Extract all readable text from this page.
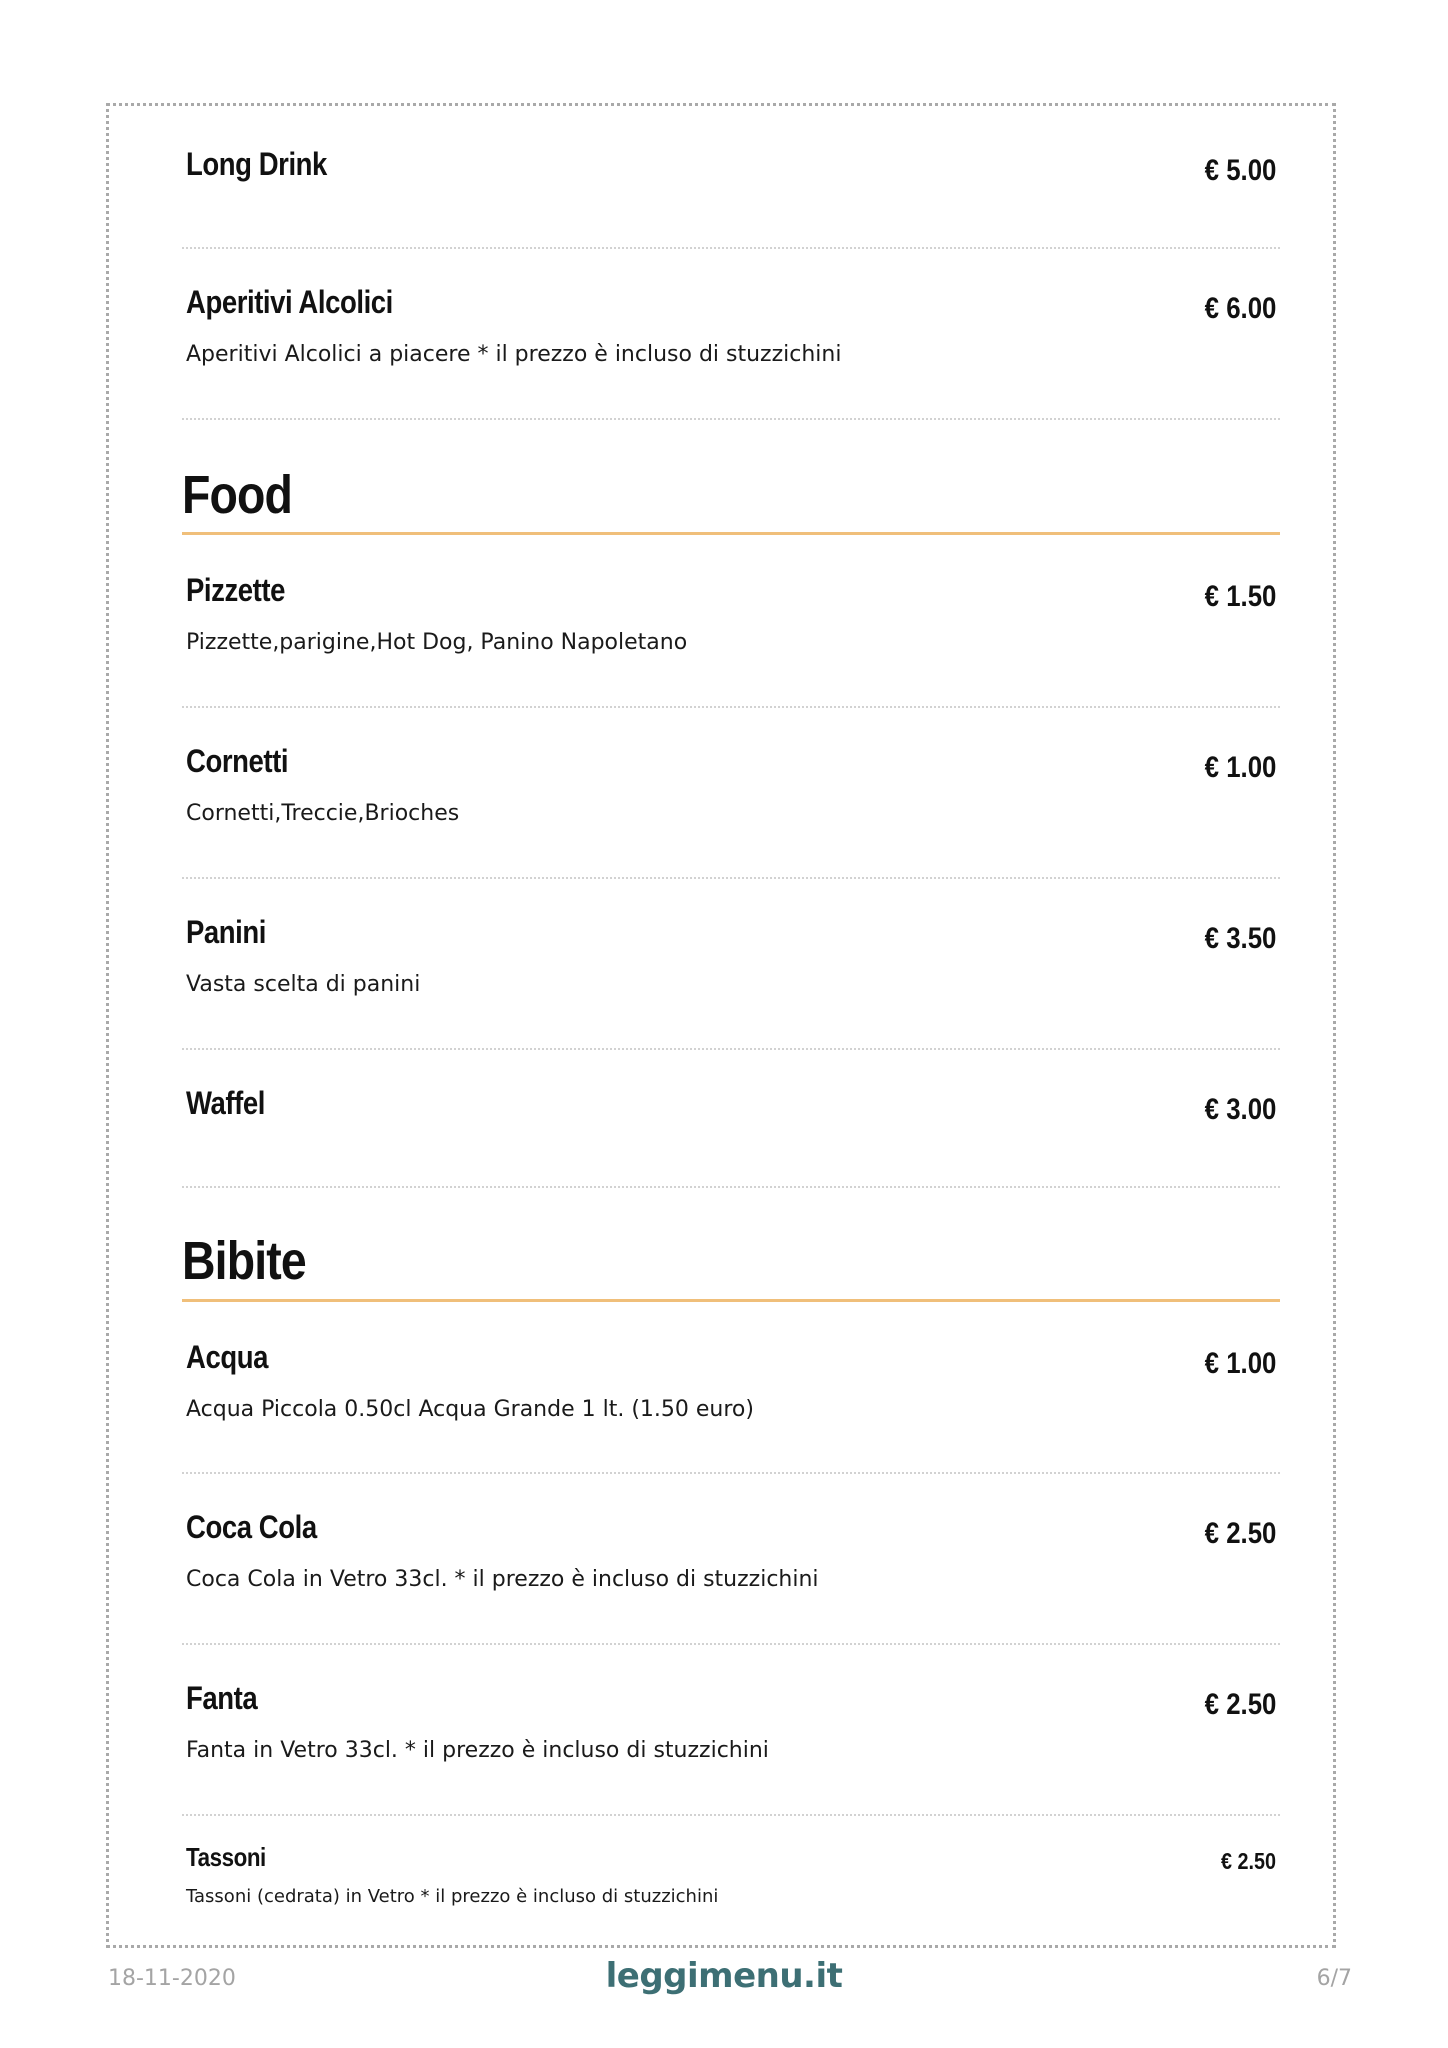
Long Drink	€ 5.00
Aperitivi Alcolici	€ 6.00
Aperitivi Alcolici a piacere * il prezzo è incluso di stuzzichini
Food
Pizzette	€ 1.50
Pizzette,parigine,Hot Dog, Panino Napoletano
Cornetti	€ 1.00
Cornetti,Treccie,Brioches
Panini	€ 3.50
Vasta scelta di panini
Waffel	€ 3.00
Bibite
Acqua	€ 1.00
Acqua Piccola 0.50cl Acqua Grande 1 lt. (1.50 euro)
Coca Cola	€ 2.50
Coca Cola in Vetro 33cl. * il prezzo è incluso di stuzzichini
Fanta	€ 2.50
Fanta in Vetro 33cl. * il prezzo è incluso di stuzzichini
Tassoni	€ 2.50
Tassoni (cedrata) in Vetro * il prezzo è incluso di stuzzichini
18-11-2020	leggimenu.it	6/7
